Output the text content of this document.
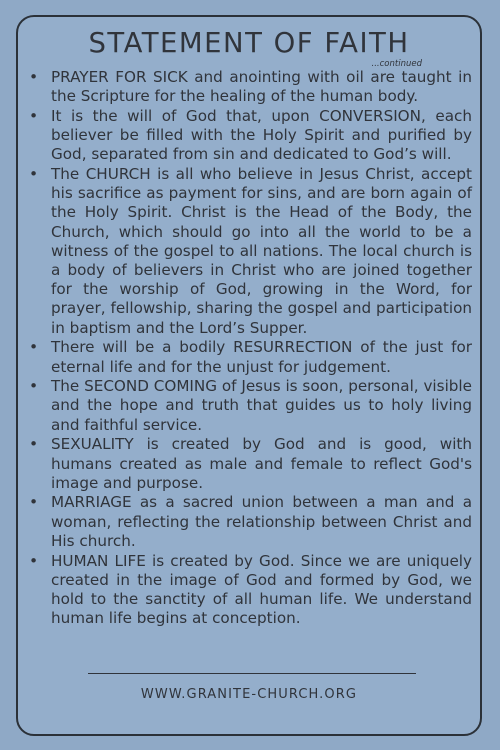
STATEMENT OF FAITH
...continued
• PRAYER FOR SICK and anointing with oil are taught in the Scripture for the healing of the human body.
• It is the will of God that, upon CONVERSION, each believer be filled with the Holy Spirit and purified by God, separated from sin and dedicated to God’s will.
• The CHURCH is all who believe in Jesus Christ, accept his sacrifice as payment for sins, and are born again of the Holy Spirit. Christ is the Head of the Body, the Church, which should go into all the world to be a witness of the gospel to all nations. The local church is a body of believers in Christ who are joined together for the worship of God, growing in the Word, for prayer, fellowship, sharing the gospel and participation in baptism and the Lord’s Supper.
• There will be a bodily RESURRECTION of the just for eternal life and for the unjust for judgement.
• The SECOND COMING of Jesus is soon, personal, visible and the hope and truth that guides us to holy living and faithful service.
• SEXUALITY is created by God and is good, with humans created as male and female to reflect God's image and purpose.
• MARRIAGE as a sacred union between a man and a woman, reflecting the relationship between Christ and His church.
• HUMAN LIFE is created by God. Since we are uniquely created in the image of God and formed by God, we hold to the sanctity of all human life. We understand human life begins at conception.
WWW.GRANITE-CHURCH.ORG
